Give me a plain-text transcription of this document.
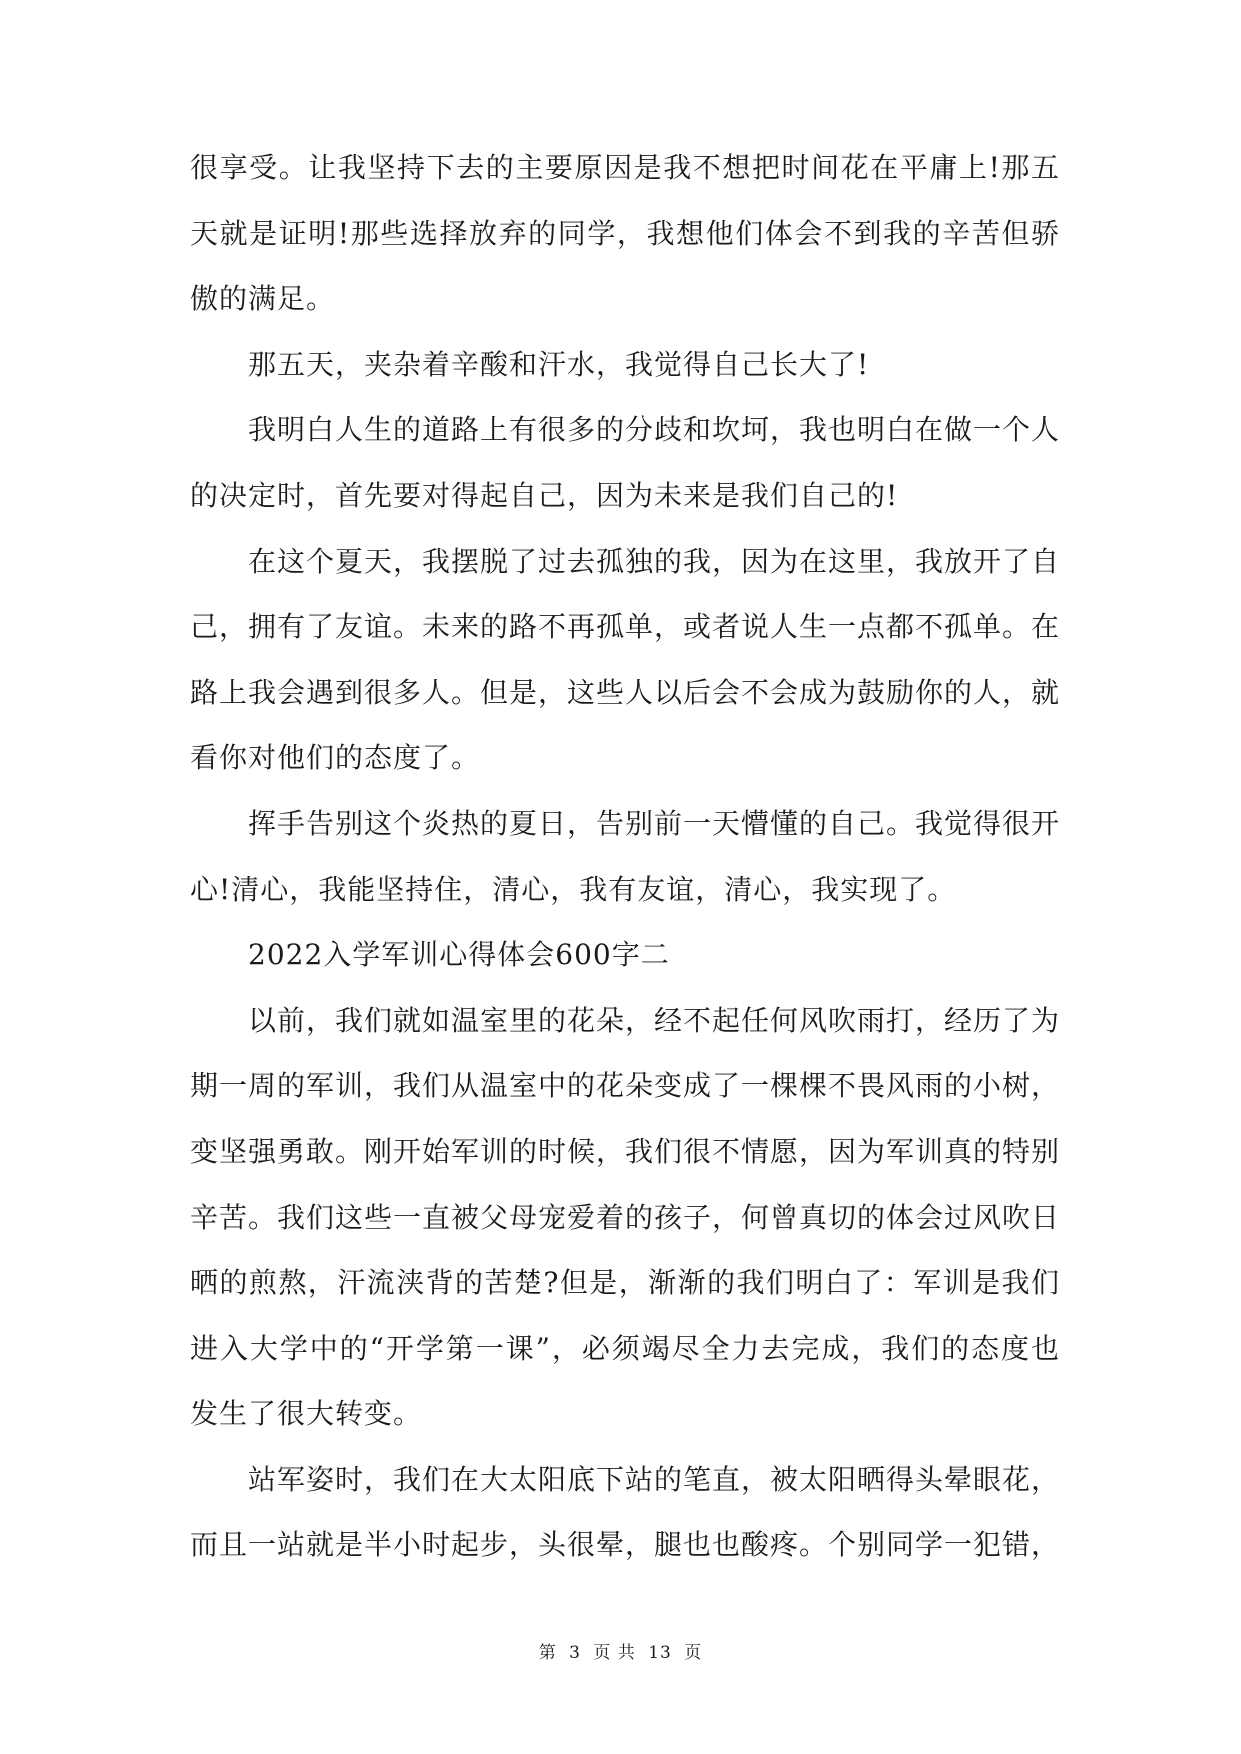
很享受。让我坚持下去的主要原因是我不想把时间花在平庸上!那五天就是证明!那些选择放弃的同学，我想他们体会不到我的辛苦但骄傲的满足。

那五天，夹杂着辛酸和汗水，我觉得自己长大了!

我明白人生的道路上有很多的分歧和坎坷，我也明白在做一个人的决定时，首先要对得起自己，因为未来是我们自己的!

在这个夏天，我摆脱了过去孤独的我，因为在这里，我放开了自己，拥有了友谊。未来的路不再孤单，或者说人生一点都不孤单。在路上我会遇到很多人。但是，这些人以后会不会成为鼓励你的人，就看你对他们的态度了。

挥手告别这个炎热的夏日，告别前一天懵懂的自己。我觉得很开心!清心，我能坚持住，清心，我有友谊，清心，我实现了。

2022入学军训心得体会600字二

以前，我们就如温室里的花朵，经不起任何风吹雨打，经历了为期一周的军训，我们从温室中的花朵变成了一棵棵不畏风雨的小树，变坚强勇敢。刚开始军训的时候，我们很不情愿，因为军训真的特别辛苦。我们这些一直被父母宠爱着的孩子，何曾真切的体会过风吹日晒的煎熬，汗流浃背的苦楚?但是，渐渐的我们明白了：军训是我们进入大学中的“开学第一课”，必须竭尽全力去完成，我们的态度也发生了很大转变。

站军姿时，我们在大太阳底下站的笔直，被太阳晒得头晕眼花，而且一站就是半小时起步，头很晕，腿也也酸疼。个别同学一犯错，

第 3 页 共 13 页
